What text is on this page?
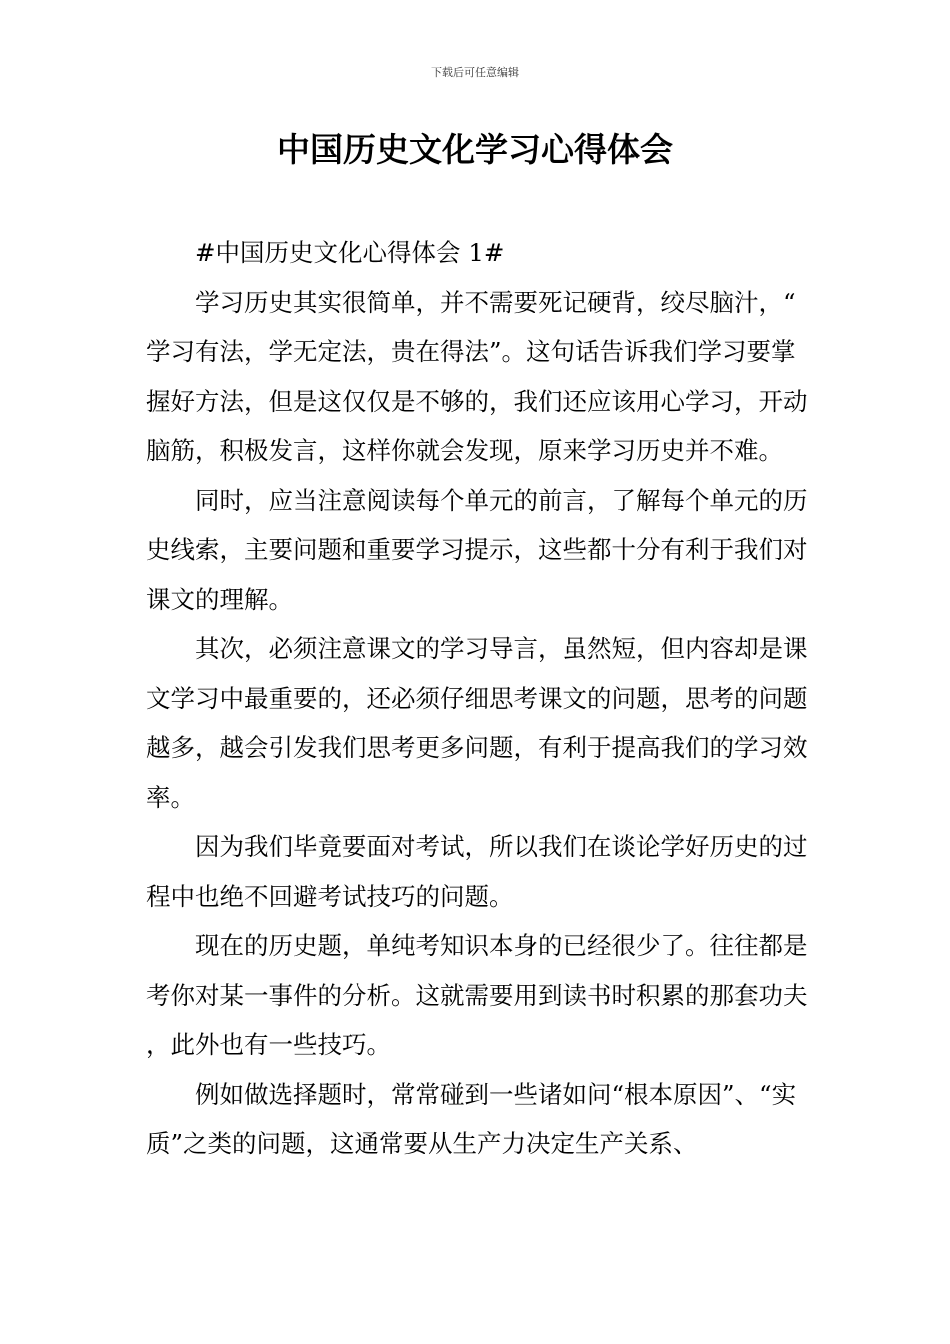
下载后可任意编辑
中国历史文化学习心得体会

#中国历史文化心得体会 1#

学习历史其实很简单，并不需要死记硬背，绞尽脑汁，“学习有法，学无定法，贵在得法”。这句话告诉我们学习要掌握好方法，但是这仅仅是不够的，我们还应该用心学习，开动脑筋，积极发言，这样你就会发现，原来学习历史并不难。

同时，应当注意阅读每个单元的前言，了解每个单元的历史线索，主要问题和重要学习提示，这些都十分有利于我们对课文的理解。

其次，必须注意课文的学习导言，虽然短，但内容却是课文学习中最重要的，还必须仔细思考课文的问题，思考的问题越多，越会引发我们思考更多问题，有利于提高我们的学习效率。

因为我们毕竟要面对考试，所以我们在谈论学好历史的过程中也绝不回避考试技巧的问题。

现在的历史题，单纯考知识本身的已经很少了。往往都是考你对某一事件的分析。这就需要用到读书时积累的那套功夫，此外也有一些技巧。

例如做选择题时，常常碰到一些诸如问“根本原因”、“实质”之类的问题，这通常要从生产力决定生产关系、
